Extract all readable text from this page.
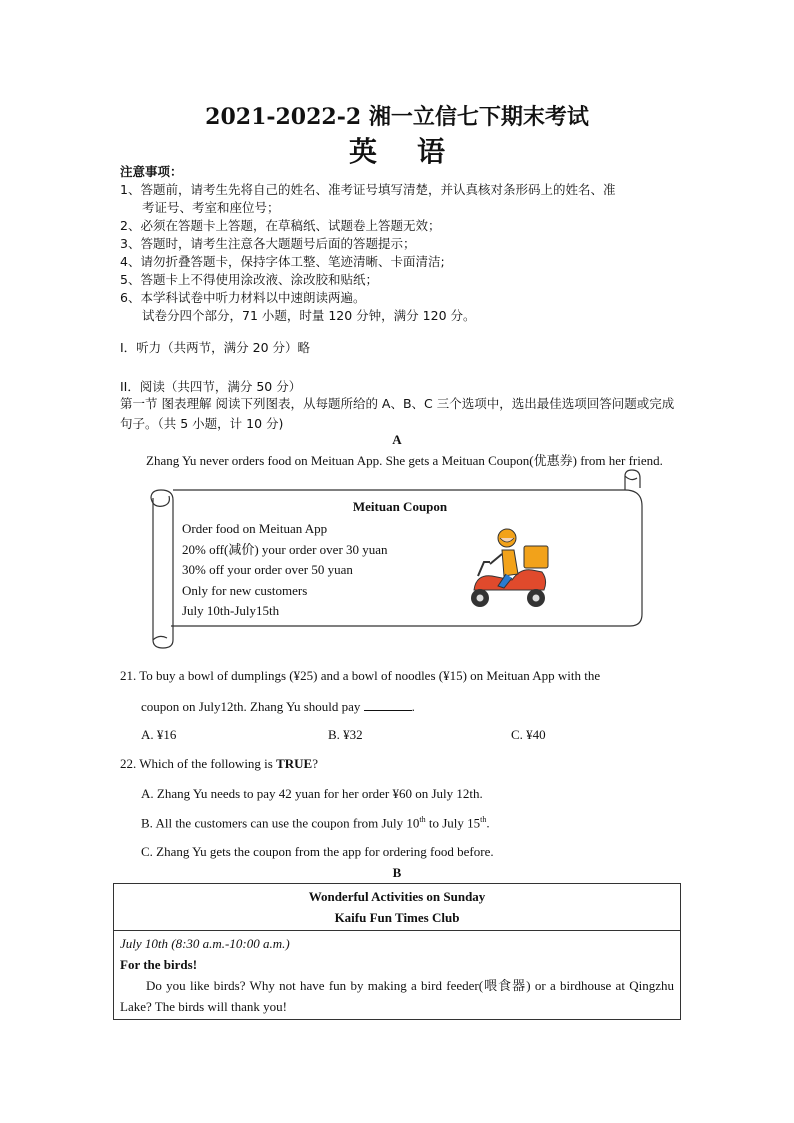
2021-2022-2 湘一立信七下期末考试
英语
注意事项：
1、答题前，请考生先将自己的姓名、准考证号填写清楚，并认真核对条形码上的姓名、准
考证号、考室和座位号；
2、必须在答题卡上答题，在草稿纸、试题卷上答题无效；
3、答题时，请考生注意各大题题号后面的答题提示；
4、请勿折叠答题卡，保持字体工整、笔迹清晰、卡面清洁;
5、答题卡上不得使用涂改液、涂改胶和贴纸；
6、本学科试卷中听力材料以中速朗读两遍。
试卷分四个部分，71 小题，时量 120 分钟，满分 120 分。
I．听力（共两节，满分 20 分）略
II．阅读（共四节，满分 50 分）
第一节 图表理解 阅读下列图表，从每题所给的 A、B、C 三个选项中，选出最佳选项回答问题或完成句子。（共 5 小题，计 10 分)
A
Zhang Yu never orders food on Meituan App. She gets a Meituan Coupon(优惠券) from her friend.
Meituan Coupon
Order food on Meituan App
20% off(减价) your order over 30 yuan
30% off your order over 50 yuan
Only for new customers
July 10th-July15th
21. To buy a bowl of dumplings (¥25) and a bowl of noodles (¥15) on Meituan App with the
coupon on July12th. Zhang Yu should pay	.
A. ¥16	B. ¥32	C. ¥40
22. Which of the following is TRUE?
A. Zhang Yu needs to pay 42 yuan for her order ¥60 on July 12th.
B. All the customers can use the coupon from July 10th to July 15th.
C. Zhang Yu gets the coupon from the app for ordering food before.
B
Wonderful Activities on Sunday
Kaifu Fun Times Club

July 10th (8:30 a.m.-10:00 a.m.)
For the birds!
Do you like birds? Why not have fun by making a bird feeder(喂食器) or a birdhouse at Qingzhu Lake? The birds will thank you!
